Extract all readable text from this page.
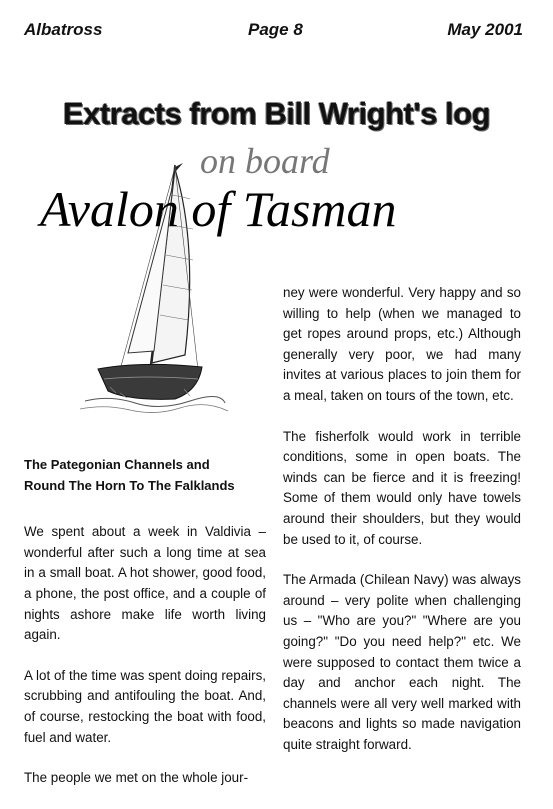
Albatross	Page 8	May 2001
Extracts from Bill Wright's log
on board
Avalon of Tasman
The Pategonian Channels and
Round The Horn To The Falklands

We spent about a week in Valdivia – wonderful after such a long time at sea in a small boat. A hot shower, good food, a phone, the post office, and a couple of nights ashore make life worth living again.

A lot of the time was spent doing repairs, scrubbing and antifouling the boat. And, of course, restocking the boat with food, fuel and water.

The people we met on the whole jour-

ney were wonderful. Very happy and so willing to help (when we managed to get ropes around props, etc.) Although generally very poor, we had many invites at various places to join them for a meal, taken on tours of the town, etc.

The fisherfolk would work in terrible conditions, some in open boats. The winds can be fierce and it is freezing! Some of them would only have towels around their shoulders, but they would be used to it, of course.

The Armada (Chilean Navy) was always around – very polite when challenging us – "Who are you?" "Where are you going?" "Do you need help?" etc. We were supposed to contact them twice a day and anchor each night. The channels were all very well marked with beacons and lights so made navigation quite straight forward.
